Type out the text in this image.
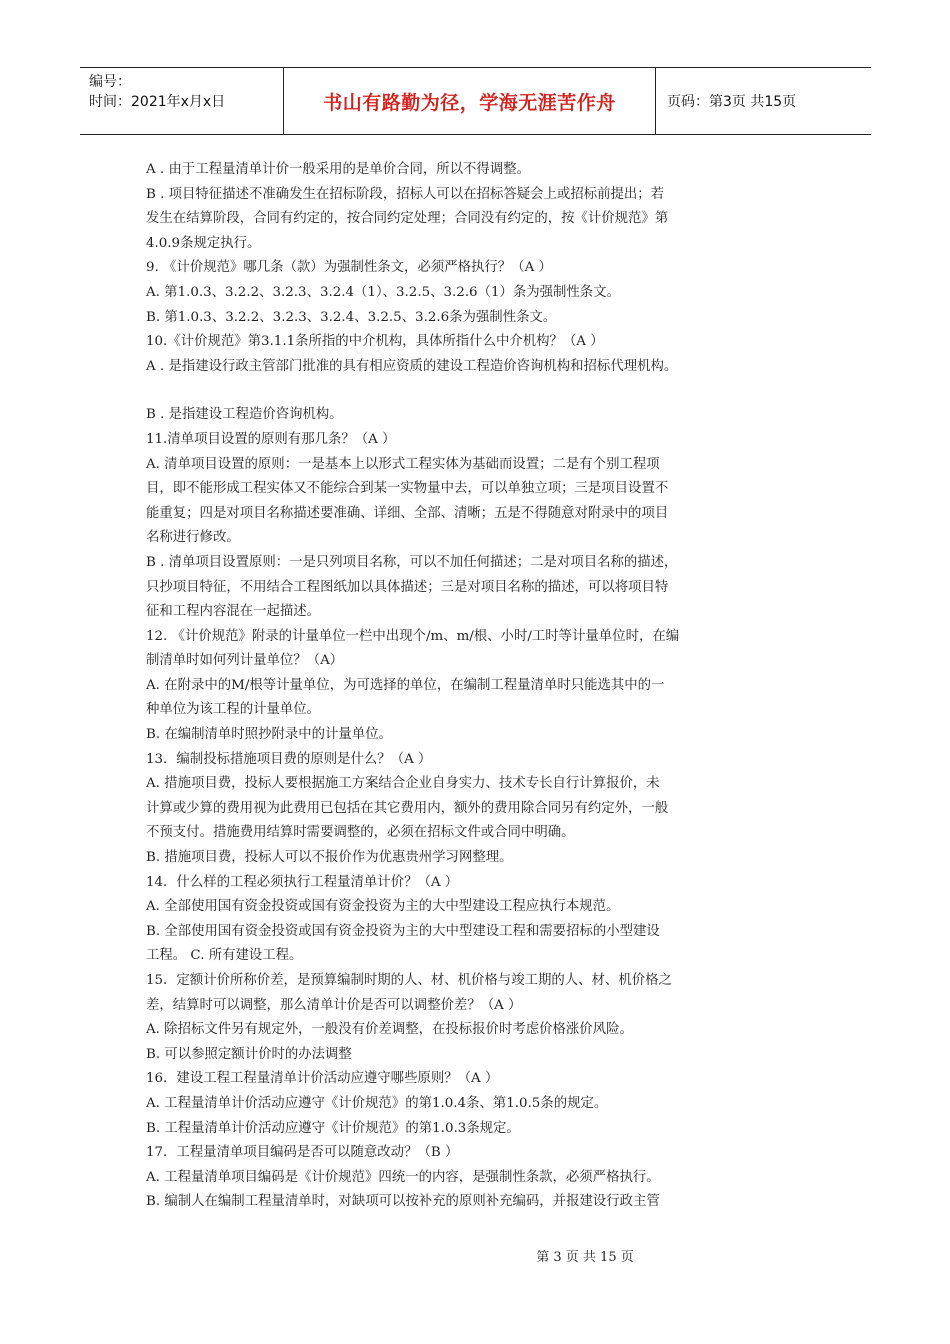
编号：
时间：2021年x月x日	书山有路勤为径，学海无涯苦作舟	页码：第3页 共15页
A . 由于工程量清单计价一般采用的是单价合同，所以不得调整。
B . 项目特征描述不准确发生在招标阶段，招标人可以在招标答疑会上或招标前提出；若
发生在结算阶段，合同有约定的，按合同约定处理；合同没有约定的，按《计价规范》第
4.0.9条规定执行。
9. 《计价规范》哪几条（款）为强制性条文，必须严格执行？（A ）
A. 第1.0.3、3.2.2、3.2.3、3.2.4（1）、3.2.5、3.2.6（1）条为强制性条文。
B. 第1.0.3、3.2.2、3.2.3、3.2.4、3.2.5、3.2.6条为强制性条文。
10.《计价规范》第3.1.1条所指的中介机构，具体所指什么中介机构？（A ）
A . 是指建设行政主管部门批准的具有相应资质的建设工程造价咨询机构和招标代理机构。
B . 是指建设工程造价咨询机构。
11.清单项目设置的原则有那几条？（A ）
A. 清单项目设置的原则：一是基本上以形式工程实体为基础而设置；二是有个别工程项
目，即不能形成工程实体又不能综合到某一实物量中去，可以单独立项；三是项目设置不
能重复；四是对项目名称描述要准确、详细、全部、清晰；五是不得随意对附录中的项目
名称进行修改。
B . 清单项目设置原则：一是只列项目名称，可以不加任何描述；二是对项目名称的描述，
只抄项目特征，不用结合工程图纸加以具体描述；三是对项目名称的描述，可以将项目特
征和工程内容混在一起描述。
12. 《计价规范》附录的计量单位一栏中出现个/m、m/根、小时/工时等计量单位时，在编
制清单时如何列计量单位？（A）
A. 在附录中的M/根等计量单位，为可选择的单位，在编制工程量清单时只能选其中的一
种单位为该工程的计量单位。
B. 在编制清单时照抄附录中的计量单位。
13．编制投标措施项目费的原则是什么？（A ）
A. 措施项目费，投标人要根据施工方案结合企业自身实力、技术专长自行计算报价，未
计算或少算的费用视为此费用已包括在其它费用内，额外的费用除合同另有约定外，一般
不预支付。措施费用结算时需要调整的，必须在招标文件或合同中明确。
B. 措施项目费，投标人可以不报价作为优惠贵州学习网整理。
14．什么样的工程必须执行工程量清单计价？（A ）
A. 全部使用国有资金投资或国有资金投资为主的大中型建设工程应执行本规范。
B. 全部使用国有资金投资或国有资金投资为主的大中型建设工程和需要招标的小型建设
工程。 C. 所有建设工程。
15．定额计价所称价差，是预算编制时期的人、材、机价格与竣工期的人、材、机价格之
差，结算时可以调整，那么清单计价是否可以调整价差？（A ）
A. 除招标文件另有规定外，一般没有价差调整，在投标报价时考虑价格涨价风险。
B. 可以参照定额计价时的办法调整
16．建设工程工程量清单计价活动应遵守哪些原则？（A ）
A. 工程量清单计价活动应遵守《计价规范》的第1.0.4条、第1.0.5条的规定。
B. 工程量清单计价活动应遵守《计价规范》的第1.0.3条规定。
17．工程量清单项目编码是否可以随意改动？（B ）
A. 工程量清单项目编码是《计价规范》四统一的内容，是强制性条款，必须严格执行。
B. 编制人在编制工程量清单时，对缺项可以按补充的原则补充编码，并报建设行政主管
第 3 页 共 15 页
